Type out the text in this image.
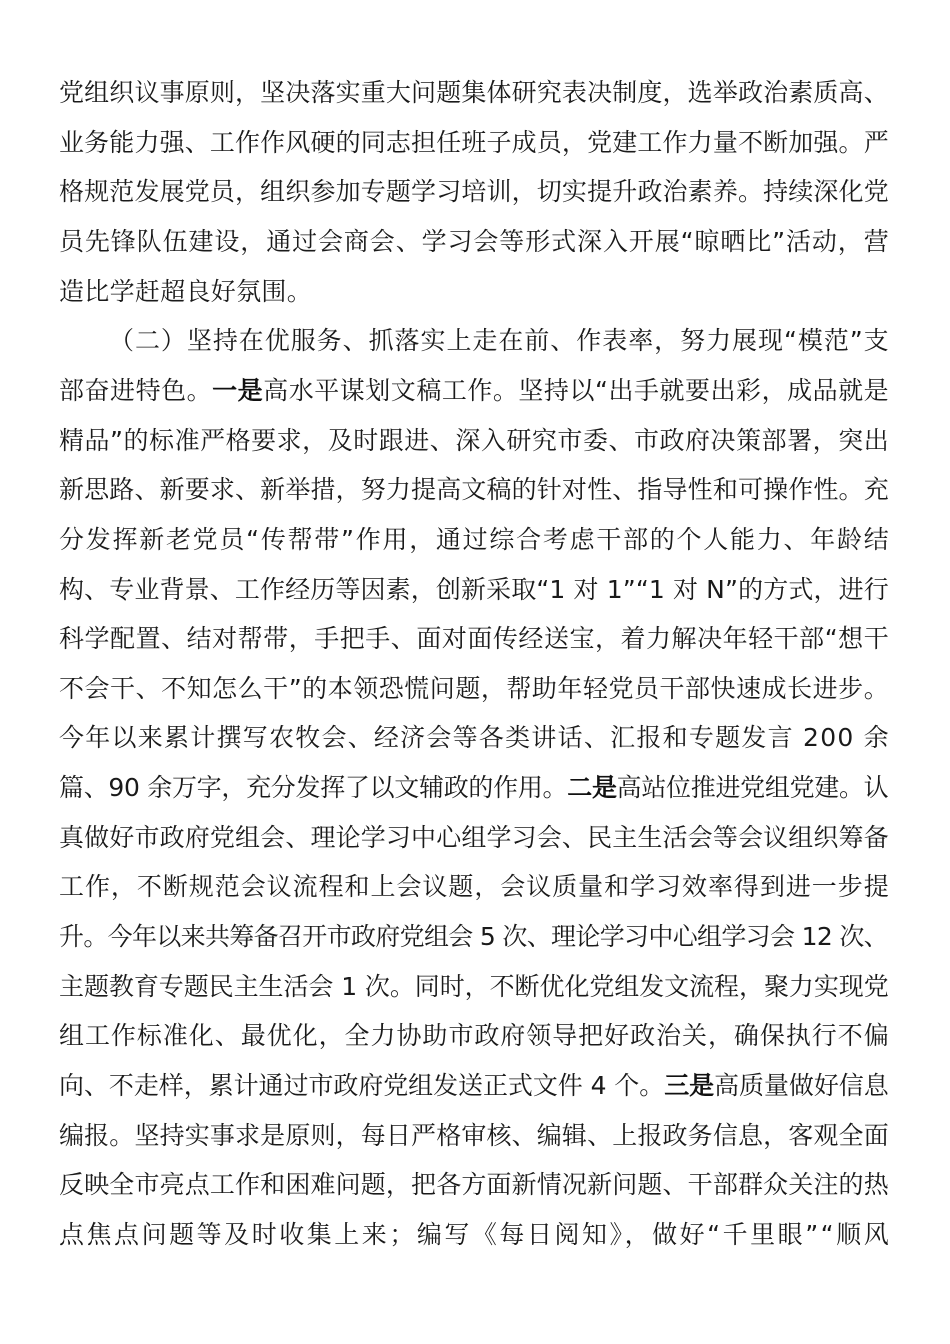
党组织议事原则，坚决落实重大问题集体研究表决制度，选举政治素质高、
业务能力强、工作作风硬的同志担任班子成员，党建工作力量不断加强。严
格规范发展党员，组织参加专题学习培训，切实提升政治素养。持续深化党
员先锋队伍建设，通过会商会、学习会等形式深入开展“晾晒比”活动，营
造比学赶超良好氛围。
（二）坚持在优服务、抓落实上走在前、作表率，努力展现“模范”支
部奋进特色。一是高水平谋划文稿工作。坚持以“出手就要出彩，成品就是
精品”的标准严格要求，及时跟进、深入研究市委、市政府决策部署，突出
新思路、新要求、新举措，努力提高文稿的针对性、指导性和可操作性。充
分发挥新老党员“传帮带”作用，通过综合考虑干部的个人能力、年龄结
构、专业背景、工作经历等因素，创新采取“1 对 1”“1 对 N”的方式，进行
科学配置、结对帮带，手把手、面对面传经送宝，着力解决年轻干部“想干
不会干、不知怎么干”的本领恐慌问题，帮助年轻党员干部快速成长进步。
今年以来累计撰写农牧会、经济会等各类讲话、汇报和专题发言 200 余
篇、90 余万字，充分发挥了以文辅政的作用。二是高站位推进党组党建。认
真做好市政府党组会、理论学习中心组学习会、民主生活会等会议组织筹备
工作，不断规范会议流程和上会议题，会议质量和学习效率得到进一步提
升。今年以来共筹备召开市政府党组会 5 次、理论学习中心组学习会 12 次、
主题教育专题民主生活会 1 次。同时，不断优化党组发文流程，聚力实现党
组工作标准化、最优化，全力协助市政府领导把好政治关，确保执行不偏
向、不走样，累计通过市政府党组发送正式文件 4 个。三是高质量做好信息
编报。坚持实事求是原则，每日严格审核、编辑、上报政务信息，客观全面
反映全市亮点工作和困难问题，把各方面新情况新问题、干部群众关注的热
点焦点问题等及时收集上来；编写《每日阅知》，做好“千里眼”“顺风
